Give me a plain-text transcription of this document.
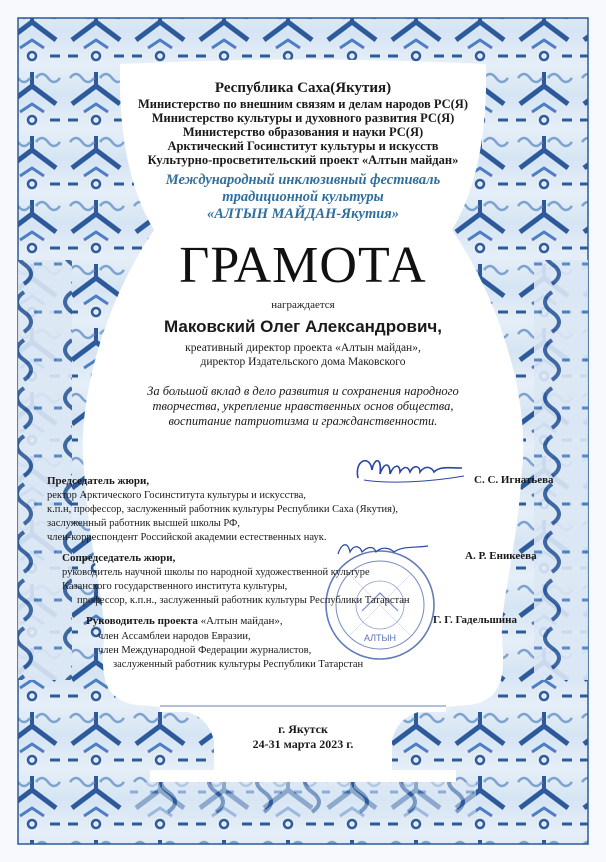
Республика Саха(Якутия)
Министерство по внешним связям и делам народов РС(Я)
Министерство культуры и духовного развития РС(Я)
Министерство образования и науки РС(Я)
Арктический Госинститут культуры и искусств
Культурно-просветительский проект «Алтын майдан»
Международный инклюзивный фестиваль
традиционной культуры
«АЛТЫН МАЙДАН-Якутия»
ГРАМОТА
награждается
Маковский Олег Александрович,
креативный директор проекта «Алтын майдан»,
директор Издательского дома Маковского
За большой вклад в дело развития и сохранения народного
творчества, укрепление нравственных основ общества,
воспитание патриотизма и гражданственности.
Председатель жюри,	С. С. Игнатьева
ректор Арктического Госинститута культуры и искусства,
к.п.н, профессор, заслуженный работник культуры Республики Саха (Якутия),
заслуженный работник высшей школы РФ,
член-корреспондент Российской академии естественных наук.
АЛТЫН
Сопредседатель жюри,	А. Р. Еникеева
руководитель научной школы по народной художественной культуре
Казанского государственного института культуры,
профессор, к.п.н., заслуженный работник культуры Республики Татарстан
Руководитель проекта «Алтын майдан»,	Г. Г. Гадельшина
член Ассамблеи народов Евразии,
член Международной Федерации журналистов,
заслуженный работник культуры Республики Татарстан
г. Якутск
24-31 марта 2023 г.
